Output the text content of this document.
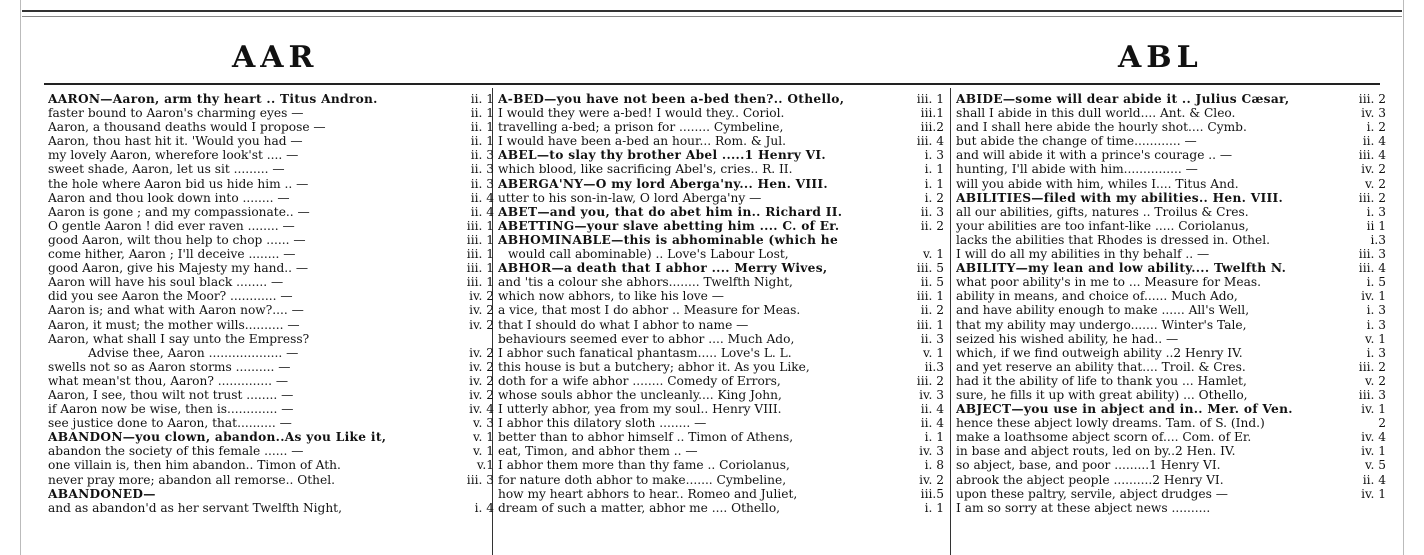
AAR	ABL
AARON—Aaron, arm thy heart .. Titus Andron.	ii. 1
faster bound to Aaron's charming eyes —	ii. 1
Aaron, a thousand deaths would I propose —	ii. 1
Aaron, thou hast hit it. 'Would you had —	ii. 1
my lovely Aaron, wherefore look'st .... —	ii. 3
sweet shade, Aaron, let us sit ......... —	ii. 3
the hole where Aaron bid us hide him .. —	ii. 3
Aaron and thou look down into ........ —	ii. 4
Aaron is gone ; and my compassionate.. —	ii. 4
O gentle Aaron ! did ever raven ........ —	iii. 1
good Aaron, wilt thou help to chop ...... —	iii. 1
come hither, Aaron ; I'll deceive ........ —	iii. 1
good Aaron, give his Majesty my hand.. —	iii. 1
Aaron will have his soul black ........ —	iii. 1
did you see Aaron the Moor? ............ —	iv. 2
Aaron is; and what with Aaron now?.... —	iv. 2
Aaron, it must; the mother wills.......... —	iv. 2
Aaron, what shall I say unto the Empress?
Advise thee, Aaron ................... —	iv. 2
swells not so as Aaron storms .......... —	iv. 2
what mean'st thou, Aaron? .............. —	iv. 2
Aaron, I see, thou wilt not trust ........ —	iv. 2
if Aaron now be wise, then is............. —	iv. 4
see justice done to Aaron, that.......... —	v. 3
ABANDON—you clown, abandon..As you Like it,	v. 1
abandon the society of this female ...... —	v. 1
one villain is, then him abandon.. Timon of Ath.	v.1
never pray more; abandon all remorse.. Othel.	iii. 3
ABANDONED—
and as abandon'd as her servant Twelfth Night,	i. 4
A-BED—you have not been a-bed then?.. Othello,	iii. 1
I would they were a-bed! I would they.. Coriol.	iii.1
travelling a-bed; a prison for ........ Cymbeline,	iii.2
I would have been a-bed an hour... Rom. & Jul.	iii. 4
ABEL—to slay thy brother Abel .....1 Henry VI.	i. 3
which blood, like sacrificing Abel's, cries.. R. II.	i. 1
ABERGA'NY—O my lord Aberga'ny... Hen. VIII.	i. 1
utter to his son-in-law, O lord Aberga'ny —	i. 2
ABET—and you, that do abet him in.. Richard II.	ii. 3
ABETTING—your slave abetting him .... C. of Er.	ii. 2
ABHOMINABLE—this is abhominable (which he
would call abominable) .. Love's Labour Lost,	v. 1
ABHOR—a death that I abhor .... Merry Wives,	iii. 5
and 'tis a colour she abhors........ Twelfth Night,	ii. 5
which now abhors, to like his love —	iii. 1
a vice, that most I do abhor .. Measure for Meas.	ii. 2
that I should do what I abhor to name —	iii. 1
behaviours seemed ever to abhor .... Much Ado,	ii. 3
I abhor such fanatical phantasm..... Love's L. L.	v. 1
this house is but a butchery; abhor it. As you Like,	ii.3
doth for a wife abhor ........ Comedy of Errors,	iii. 2
whose souls abhor the uncleanly.... King John,	iv. 3
I utterly abhor, yea from my soul.. Henry VIII.	ii. 4
I abhor this dilatory sloth ........ —	ii. 4
better than to abhor himself .. Timon of Athens,	i. 1
eat, Timon, and abhor them .. —	iv. 3
I abhor them more than thy fame .. Coriolanus,	i. 8
for nature doth abhor to make....... Cymbeline,	iv. 2
how my heart abhors to hear.. Romeo and Juliet,	iii.5
dream of such a matter, abhor me .... Othello,	i. 1
ABIDE—some will dear abide it .. Julius Cæsar,	iii. 2
shall I abide in this dull world.... Ant. & Cleo.	iv. 3
and I shall here abide the hourly shot.... Cymb.	i. 2
but abide the change of time............ —	ii. 4
and will abide it with a prince's courage .. —	iii. 4
hunting, I'll abide with him............... —	iv. 2
will you abide with him, whiles I.... Titus And.	v. 2
ABILITIES—filed with my abilities.. Hen. VIII.	iii. 2
all our abilities, gifts, natures .. Troilus & Cres.	i. 3
your abilities are too infant-like ..... Coriolanus,	ii 1
lacks the abilities that Rhodes is dressed in. Othel.	i.3
I will do all my abilities in thy behalf .. —	iii. 3
ABILITY—my lean and low ability.... Twelfth N.	iii. 4
what poor ability's in me to ... Measure for Meas.	i. 5
ability in means, and choice of...... Much Ado,	iv. 1
and have ability enough to make ...... All's Well,	i. 3
that my ability may undergo....... Winter's Tale,	i. 3
seized his wished ability, he had.. —	v. 1
which, if we find outweigh ability ..2 Henry IV.	i. 3
and yet reserve an ability that.... Troil. & Cres.	iii. 2
had it the ability of life to thank you ... Hamlet,	v. 2
sure, he fills it up with great ability) ... Othello,	iii. 3
ABJECT—you use in abject and in.. Mer. of Ven.	iv. 1
hence these abject lowly dreams. Tam. of S. (Ind.)	2
make a loathsome abject scorn of.... Com. of Er.	iv. 4
in base and abject routs, led on by..2 Hen. IV.	iv. 1
so abject, base, and poor .........1 Henry VI.	v. 5
abrook the abject people ..........2 Henry VI.	ii. 4
upon these paltry, servile, abject drudges —	iv. 1
I am so sorry at these abject news ..........
